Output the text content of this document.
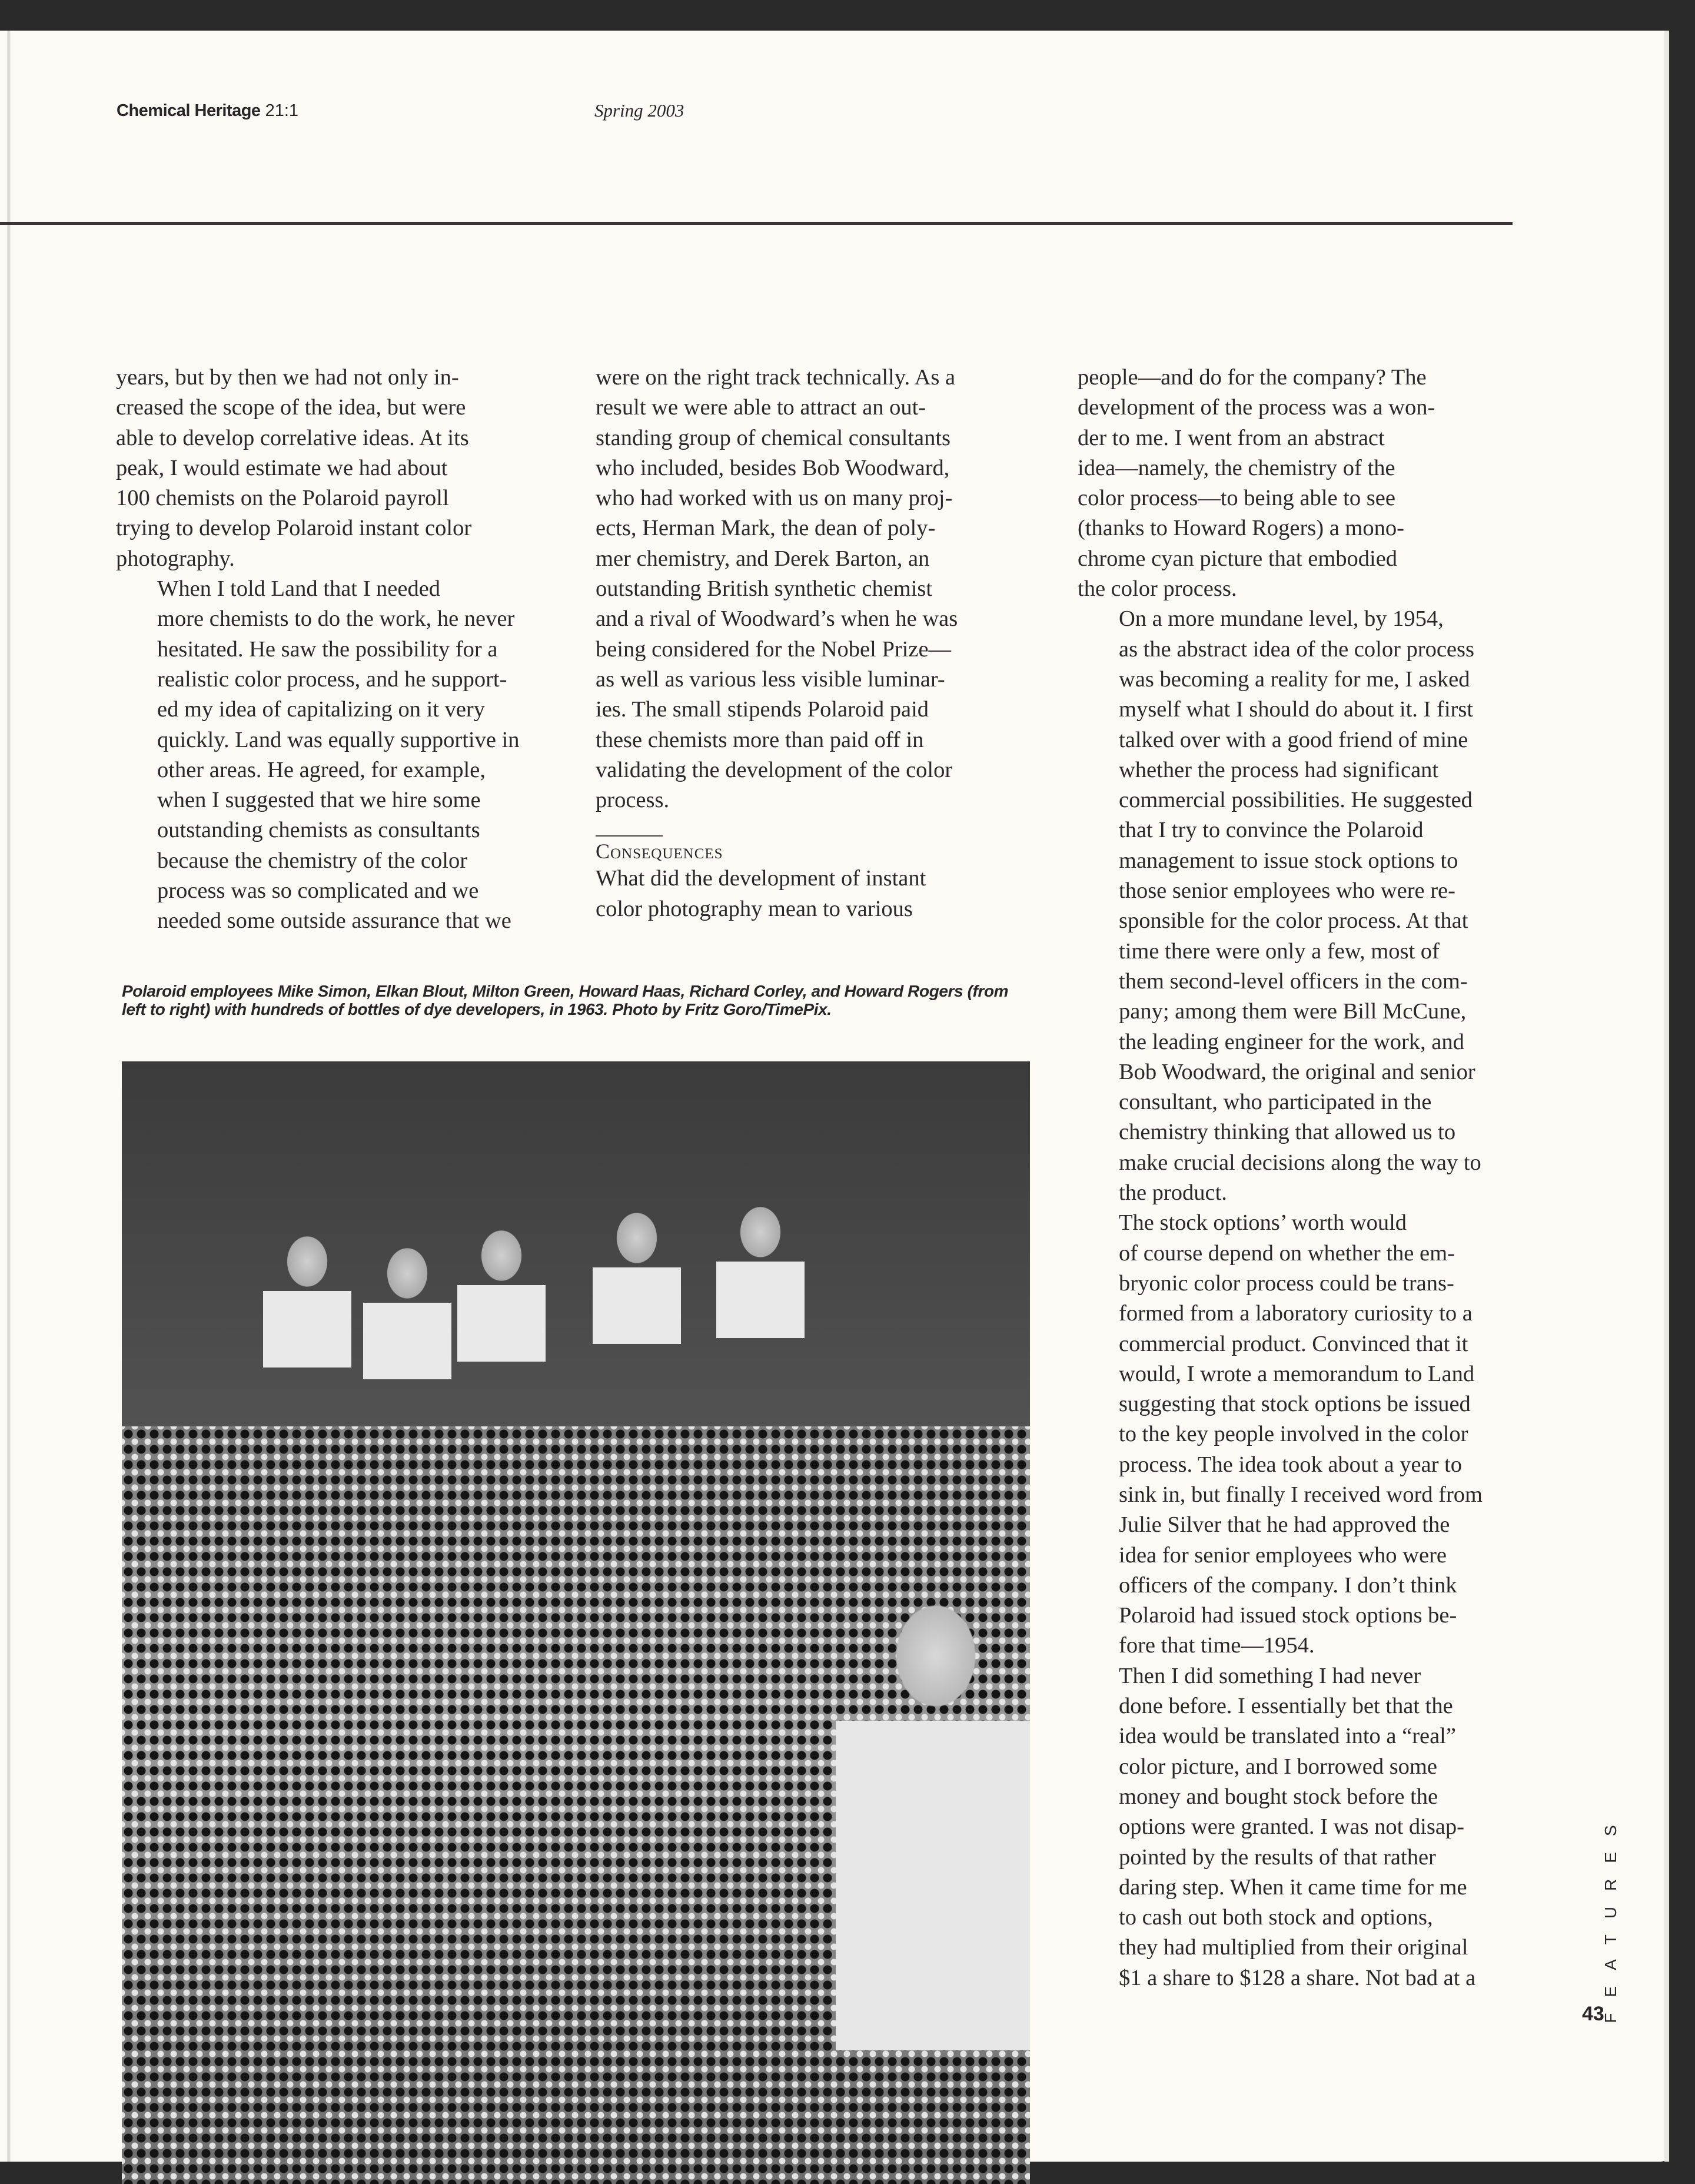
Chemical Heritage 21:1	Spring 2003

years, but by then we had not only in-
creased the scope of the idea, but were
able to develop correlative ideas. At its
peak, I would estimate we had about
100 chemists on the Polaroid payroll
trying to develop Polaroid instant color
photography.

When I told Land that I needed
more chemists to do the work, he never
hesitated. He saw the possibility for a
realistic color process, and he support-
ed my idea of capitalizing on it very
quickly. Land was equally supportive in
other areas. He agreed, for example,
when I suggested that we hire some
outstanding chemists as consultants
because the chemistry of the color
process was so complicated and we
needed some outside assurance that we

were on the right track technically. As a
result we were able to attract an out-
standing group of chemical consultants
who included, besides Bob Woodward,
who had worked with us on many proj-
ects, Herman Mark, the dean of poly-
mer chemistry, and Derek Barton, an
outstanding British synthetic chemist
and a rival of Woodward’s when he was
being considered for the Nobel Prize—
as well as various less visible luminar-
ies. The small stipends Polaroid paid
these chemists more than paid off in
validating the development of the color
process.

Consequences

What did the development of instant
color photography mean to various

people—and do for the company? The
development of the process was a won-
der to me. I went from an abstract
idea—namely, the chemistry of the
color process—to being able to see
(thanks to Howard Rogers) a mono-
chrome cyan picture that embodied
the color process.

On a more mundane level, by 1954,
as the abstract idea of the color process
was becoming a reality for me, I asked
myself what I should do about it. I first
talked over with a good friend of mine
whether the process had significant
commercial possibilities. He suggested
that I try to convince the Polaroid
management to issue stock options to
those senior employees who were re-
sponsible for the color process. At that
time there were only a few, most of
them second-level officers in the com-
pany; among them were Bill McCune,
the leading engineer for the work, and
Bob Woodward, the original and senior
consultant, who participated in the
chemistry thinking that allowed us to
make crucial decisions along the way to
the product.

The stock options’ worth would
of course depend on whether the em-
bryonic color process could be trans-
formed from a laboratory curiosity to a
commercial product. Convinced that it
would, I wrote a memorandum to Land
suggesting that stock options be issued
to the key people involved in the color
process. The idea took about a year to
sink in, but finally I received word from
Julie Silver that he had approved the
idea for senior employees who were
officers of the company. I don’t think
Polaroid had issued stock options be-
fore that time—1954.

Then I did something I had never
done before. I essentially bet that the
idea would be translated into a “real”
color picture, and I borrowed some
money and bought stock before the
options were granted. I was not disap-
pointed by the results of that rather
daring step. When it came time for me
to cash out both stock and options,
they had multiplied from their original
$1 a share to $128 a share. Not bad at a

Polaroid employees Mike Simon, Elkan Blout, Milton Green, Howard Haas, Richard Corley, and Howard Rogers (from left to right) with hundreds of bottles of dye developers, in 1963. Photo by Fritz Goro/TimePix.
FEATURES
43
